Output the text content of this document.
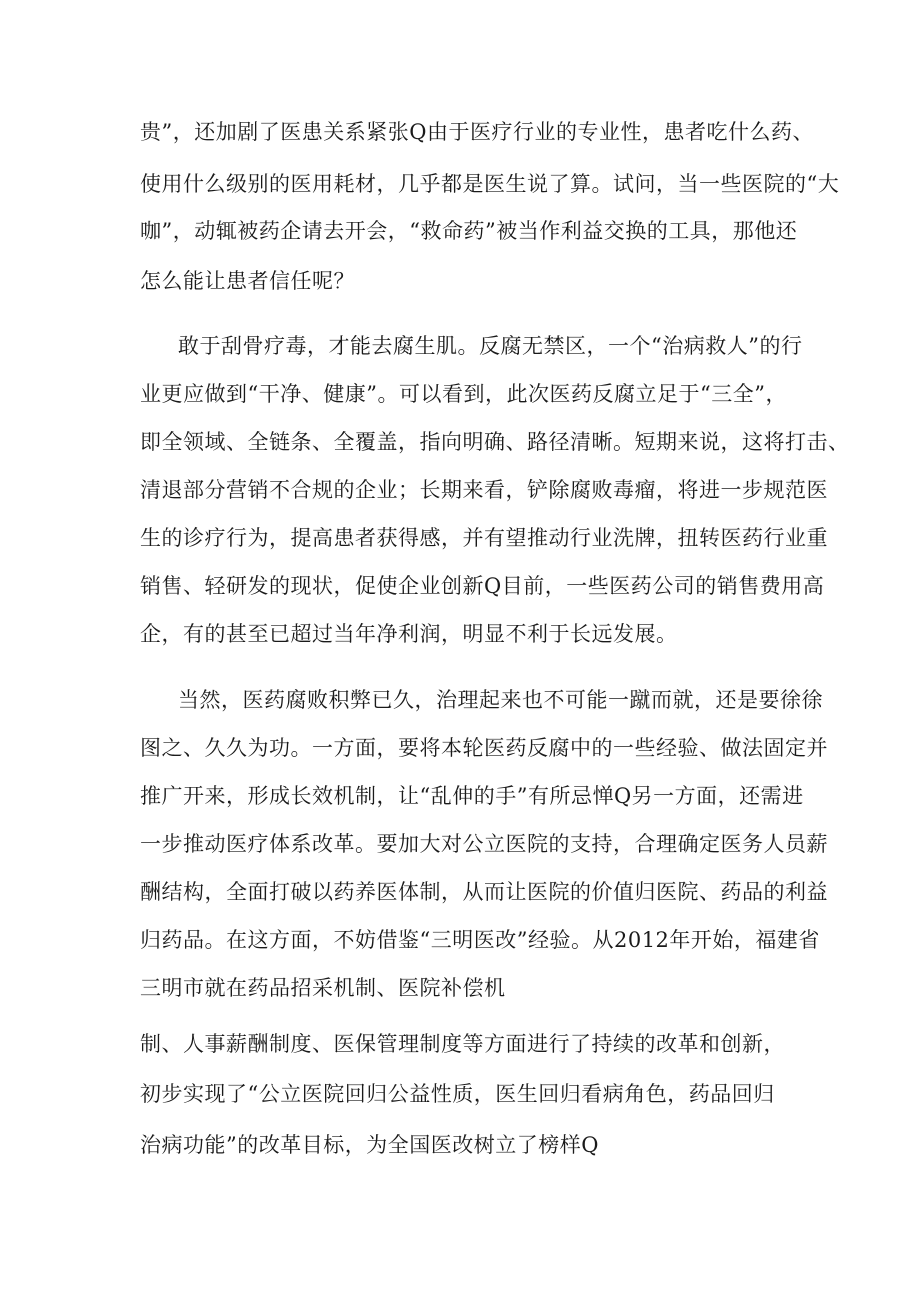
贵”，还加剧了医患关系紧张Q由于医疗行业的专业性，患者吃什么药、
使用什么级别的医用耗材，几乎都是医生说了算。试问，当一些医院的“大
咖”，动辄被药企请去开会，“救命药”被当作利益交换的工具，那他还
怎么能让患者信任呢？
敢于刮骨疗毒，才能去腐生肌。反腐无禁区，一个“治病救人”的行
业更应做到“干净、健康”。可以看到，此次医药反腐立足于“三全”，
即全领域、全链条、全覆盖，指向明确、路径清晰。短期来说，这将打击、
清退部分营销不合规的企业；长期来看，铲除腐败毒瘤，将进一步规范医
生的诊疗行为，提高患者获得感，并有望推动行业洗牌，扭转医药行业重
销售、轻研发的现状，促使企业创新Q目前，一些医药公司的销售费用高
企，有的甚至已超过当年净利润，明显不利于长远发展。
当然，医药腐败积弊已久，治理起来也不可能一蹴而就，还是要徐徐
图之、久久为功。一方面，要将本轮医药反腐中的一些经验、做法固定并
推广开来，形成长效机制，让“乱伸的手”有所忌惮Q另一方面，还需进
一步推动医疗体系改革。要加大对公立医院的支持，合理确定医务人员薪
酬结构，全面打破以药养医体制，从而让医院的价值归医院、药品的利益
归药品。在这方面，不妨借鉴“三明医改”经验。从2012年开始，福建省
三明市就在药品招采机制、医院补偿机
制、人事薪酬制度、医保管理制度等方面进行了持续的改革和创新，
初步实现了“公立医院回归公益性质，医生回归看病角色，药品回归
治病功能”的改革目标，为全国医改树立了榜样Q
